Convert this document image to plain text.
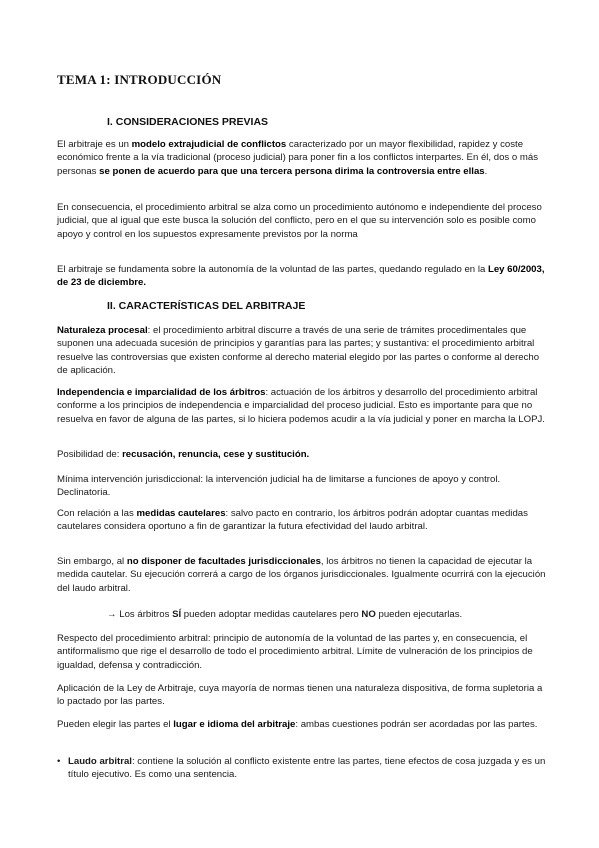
TEMA 1: INTRODUCCIÓN
I. CONSIDERACIONES PREVIAS
El arbitraje es un modelo extrajudicial de conflictos caracterizado por un mayor flexibilidad, rapidez y coste económico frente a la vía tradicional (proceso judicial) para poner fin a los conflictos interpartes. En él, dos o más personas se ponen de acuerdo para que una tercera persona dirima la controversia entre ellas.
En consecuencia, el procedimiento arbitral se alza como un procedimiento autónomo e independiente del proceso judicial, que al igual que este busca la solución del conflicto, pero en el que su intervención solo es posible como apoyo y control en los supuestos expresamente previstos por la norma
El arbitraje se fundamenta sobre la autonomía de la voluntad de las partes, quedando regulado en la Ley 60/2003, de 23 de diciembre.
II. CARACTERÍSTICAS DEL ARBITRAJE
Naturaleza procesal: el procedimiento arbitral discurre a través de una serie de trámites procedimentales que suponen una adecuada sucesión de principios y garantías para las partes; y sustantiva: el procedimiento arbitral resuelve las controversias que existen conforme al derecho material elegido por las partes o conforme al derecho de aplicación.
Independencia e imparcialidad de los árbitros: actuación de los árbitros y desarrollo del procedimiento arbitral conforme a los principios de independencia e imparcialidad del proceso judicial. Esto es importante para que no resuelva en favor de alguna de las partes, si lo hiciera podemos acudir a la vía judicial y poner en marcha la LOPJ.
Posibilidad de: recusación, renuncia, cese y sustitución.
Mínima intervención jurisdiccional: la intervención judicial ha de limitarse a funciones de apoyo y control. Declinatoria.
Con relación a las medidas cautelares: salvo pacto en contrario, los árbitros podrán adoptar cuantas medidas cautelares considera oportuno a fin de garantizar la futura efectividad del laudo arbitral.
Sin embargo, al no disponer de facultades jurisdiccionales, los árbitros no tienen la capacidad de ejecutar la medida cautelar. Su ejecución correrá a cargo de los órganos jurisdiccionales. Igualmente ocurrirá con la ejecución del laudo arbitral.
→ Los árbitros SÍ pueden adoptar medidas cautelares pero NO pueden ejecutarlas.
Respecto del procedimiento arbitral: principio de autonomía de la voluntad de las partes y, en consecuencia, el antiformalismo que rige el desarrollo de todo el procedimiento arbitral. Límite de vulneración de los principios de igualdad, defensa y contradicción.
Aplicación de la Ley de Arbitraje, cuya mayoría de normas tienen una naturaleza dispositiva, de forma supletoria a lo pactado por las partes.
Pueden elegir las partes el lugar e idioma del arbitraje: ambas cuestiones podrán ser acordadas por las partes.
• Laudo arbitral: contiene la solución al conflicto existente entre las partes, tiene efectos de cosa juzgada y es un título ejecutivo. Es como una sentencia.
